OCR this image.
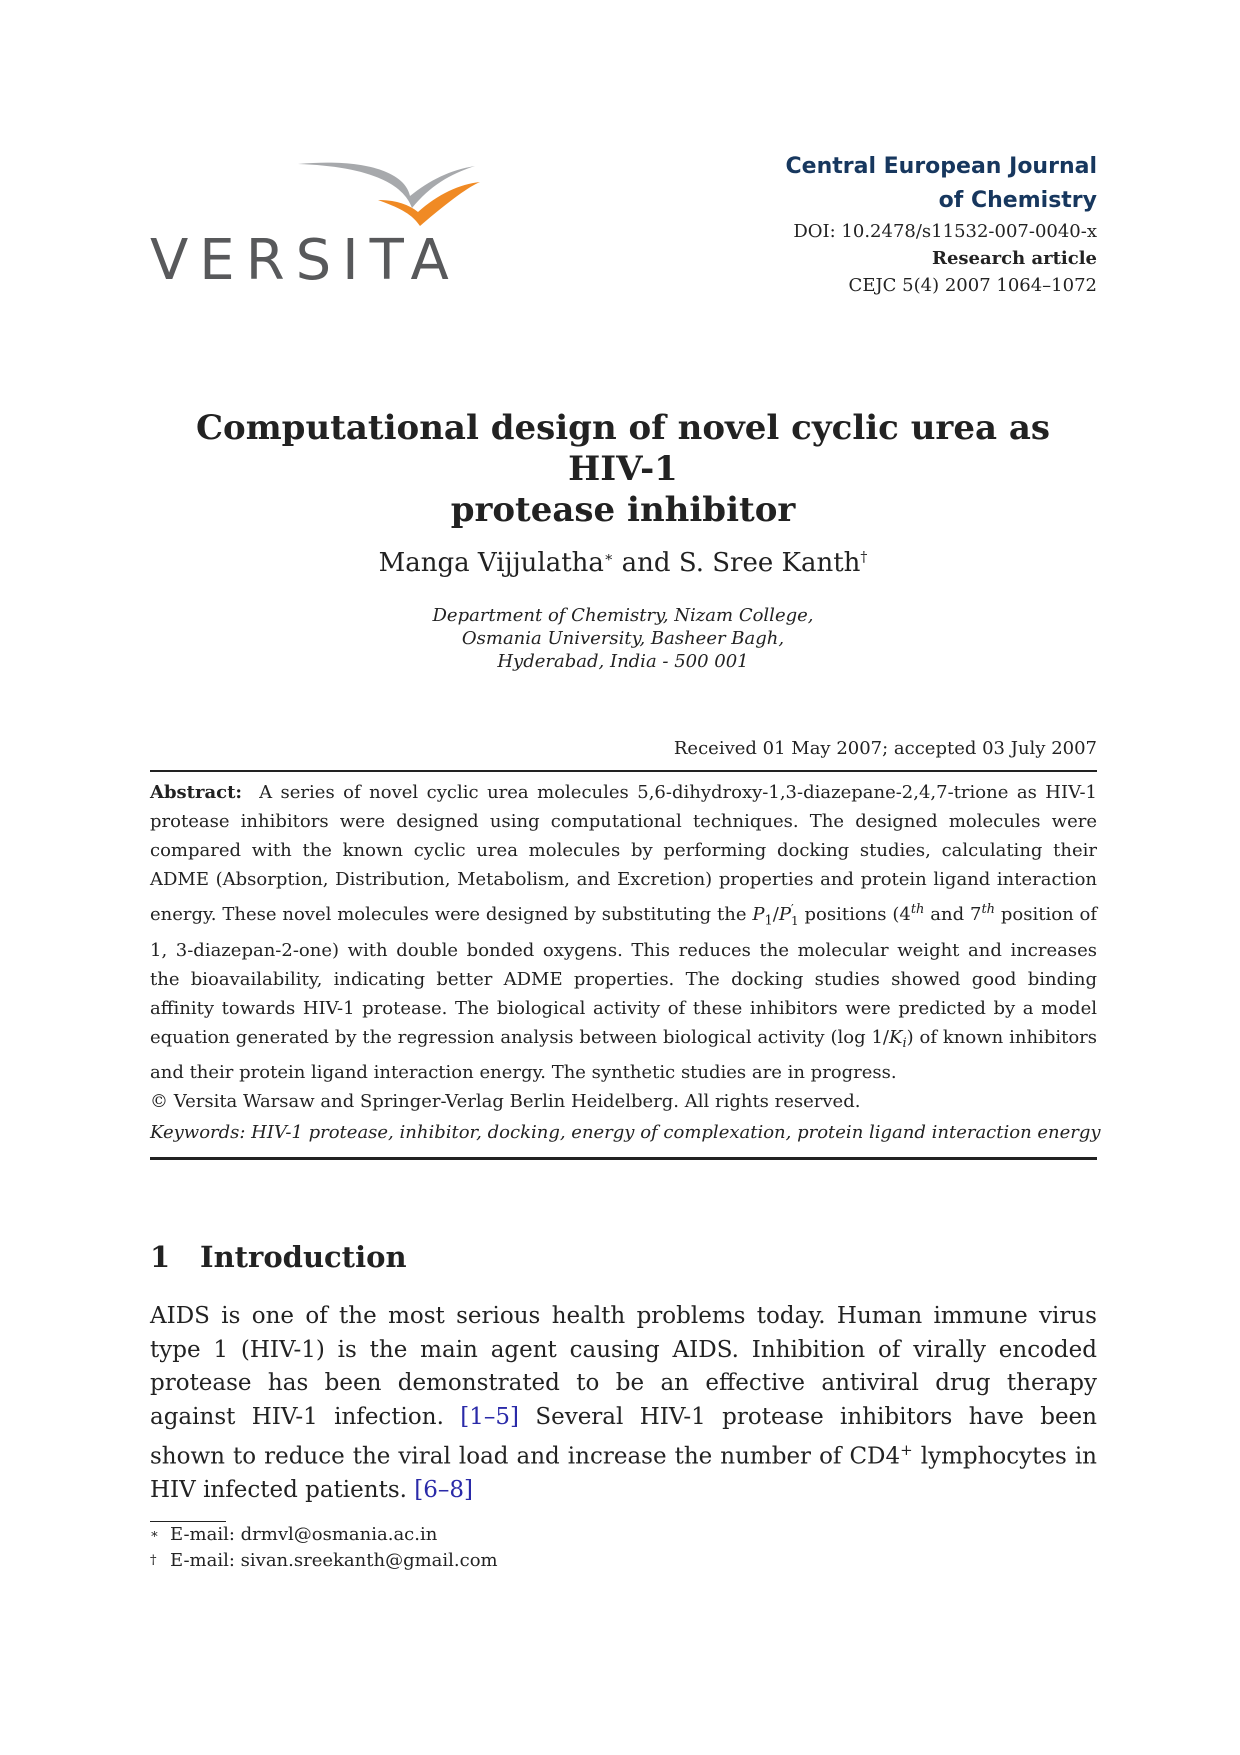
VERSITA
Central European Journal
of Chemistry
DOI: 10.2478/s11532-007-0040-x
Research article
CEJC 5(4) 2007 1064–1072
Computational design of novel cyclic urea as HIV-1
protease inhibitor
Manga Vijjulatha∗ and S. Sree Kanth†
Department of Chemistry, Nizam College,
Osmania University, Basheer Bagh,
Hyderabad, India - 500 001
Received 01 May 2007; accepted 03 July 2007

Abstract: A series of novel cyclic urea molecules 5,6-dihydroxy-1,3-diazepane-2,4,7-trione as HIV-1 protease inhibitors were designed using computational techniques. The designed molecules were compared with the known cyclic urea molecules by performing docking studies, calculating their ADME (Absorption, Distribution, Metabolism, and Excretion) properties and protein ligand interaction energy. These novel molecules were designed by substituting the $P_1/P$ ′
1 positions (4th and 7th position of 1, 3-diazepan-2-one) with double bonded oxygens. This reduces the molecular weight and increases the bioavailability, indicating better ADME properties. The docking studies showed good binding affinity towards HIV-1 protease. The biological activity of these inhibitors were predicted by a model equation generated by the regression analysis between biological activity (log $1/K_i$) of known inhibitors and their protein ligand interaction energy. The synthetic studies are in progress.

© Versita Warsaw and Springer-Verlag Berlin Heidelberg. All rights reserved.

Keywords: HIV-1 protease, inhibitor, docking, energy of complexation, protein ligand interaction energy
1 Introduction
AIDS is one of the most serious health problems today. Human immune virus type 1 (HIV-1) is the main agent causing AIDS. Inhibition of virally encoded protease has been demonstrated to be an effective antiviral drug therapy against HIV-1 infection. [1–5] Several HIV-1 protease inhibitors have been shown to reduce the viral load and increase the number of CD4+ lymphocytes in HIV infected patients. [6–8]
∗ E-mail: drmvl@osmania.ac.in
† E-mail: sivan.sreekanth@gmail.com
